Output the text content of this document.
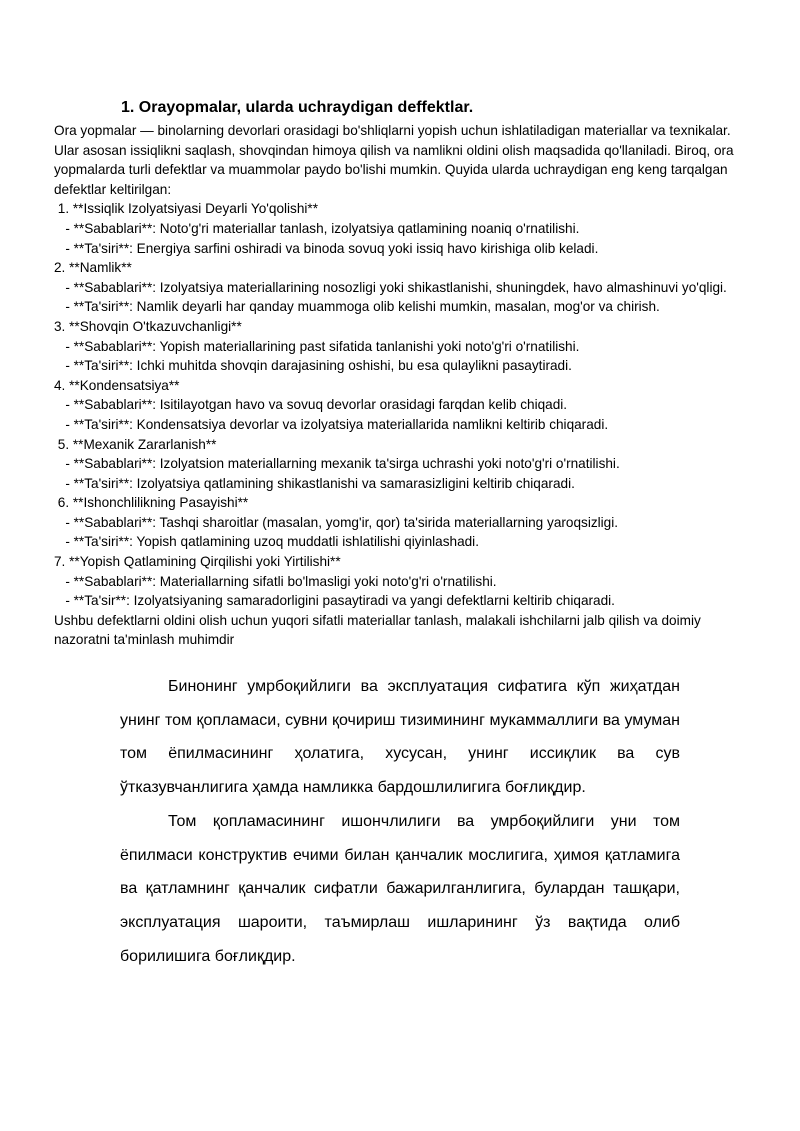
1. Orayopmalar, ularda uchraydigan deffektlar.

Ora yopmalar — binolarning devorlari orasidagi bo'shliqlarni yopish uchun ishlatiladigan materiallar va texnikalar. Ular asosan issiqlikni saqlash, shovqindan himoya qilish va namlikni oldini olish maqsadida qo'llaniladi. Biroq, ora yopmalarda turli defektlar va muammolar paydo bo'lishi mumkin. Quyida ularda uchraydigan eng keng tarqalgan defektlar keltirilgan:

1. **Issiqlik Izolyatsiyasi Deyarli Yo'qolishi**
- **Sabablari**: Noto'g'ri materiallar tanlash, izolyatsiya qatlamining noaniq o'rnatilishi.
- **Ta'siri**: Energiya sarfini oshiradi va binoda sovuq yoki issiq havo kirishiga olib keladi.
2. **Namlik**
- **Sabablari**: Izolyatsiya materiallarining nosozligi yoki shikastlanishi, shuningdek, havo almashinuvi yo'qligi.
- **Ta'siri**: Namlik deyarli har qanday muammoga olib kelishi mumkin, masalan, mog'or va chirish.
3. **Shovqin O'tkazuvchanligi**
- **Sabablari**: Yopish materiallarining past sifatida tanlanishi yoki noto'g'ri o'rnatilishi.
- **Ta'siri**: Ichki muhitda shovqin darajasining oshishi, bu esa qulaylikni pasaytiradi.
4. **Kondensatsiya**
- **Sabablari**: Isitilayotgan havo va sovuq devorlar orasidagi farqdan kelib chiqadi.
- **Ta'siri**: Kondensatsiya devorlar va izolyatsiya materiallarida namlikni keltirib chiqaradi.
5. **Mexanik Zararlanish**
- **Sabablari**: Izolyatsion materiallarning mexanik ta'sirga uchrashi yoki noto'g'ri o'rnatilishi.
- **Ta'siri**: Izolyatsiya qatlamining shikastlanishi va samarasizligini keltirib chiqaradi.
6. **Ishonchlilikning Pasayishi**
- **Sabablari**: Tashqi sharoitlar (masalan, yomg'ir, qor) ta'sirida materiallarning yaroqsizligi.
- **Ta'siri**: Yopish qatlamining uzoq muddatli ishlatilishi qiyinlashadi.
7. **Yopish Qatlamining Qirqilishi yoki Yirtilishi**
- **Sabablari**: Materiallarning sifatli bo'lmasligi yoki noto'g'ri o'rnatilishi.
- **Ta'sir**: Izolyatsiyaning samaradorligini pasaytiradi va yangi defektlarni keltirib chiqaradi.

Ushbu defektlarni oldini olish uchun yuqori sifatli materiallar tanlash, malakali ishchilarni jalb qilish va doimiy nazoratni ta'minlash muhimdir

Бинонинг умрбоқийлиги ва эксплуатация сифатига кўп жиҳатдан унинг том қопламаси, сувни қочириш тизимининг мукаммаллиги ва умуман том ёпилмасининг ҳолатига, хусусан, унинг иссиқлик ва сув ўтказувчанлигига ҳамда намликка бардошлилигига боғлиқдир.

Том қопламасининг ишончлилиги ва умрбоқийлиги уни том ёпилмаси конструктив ечими билан қанчалик мослигига, ҳимоя қатламига ва қатламнинг қанчалик сифатли бажарилганлигига, булардан ташқари, эксплуатация шароити, таъмирлаш ишларининг ўз вақтида олиб борилишига боғлиқдир.
